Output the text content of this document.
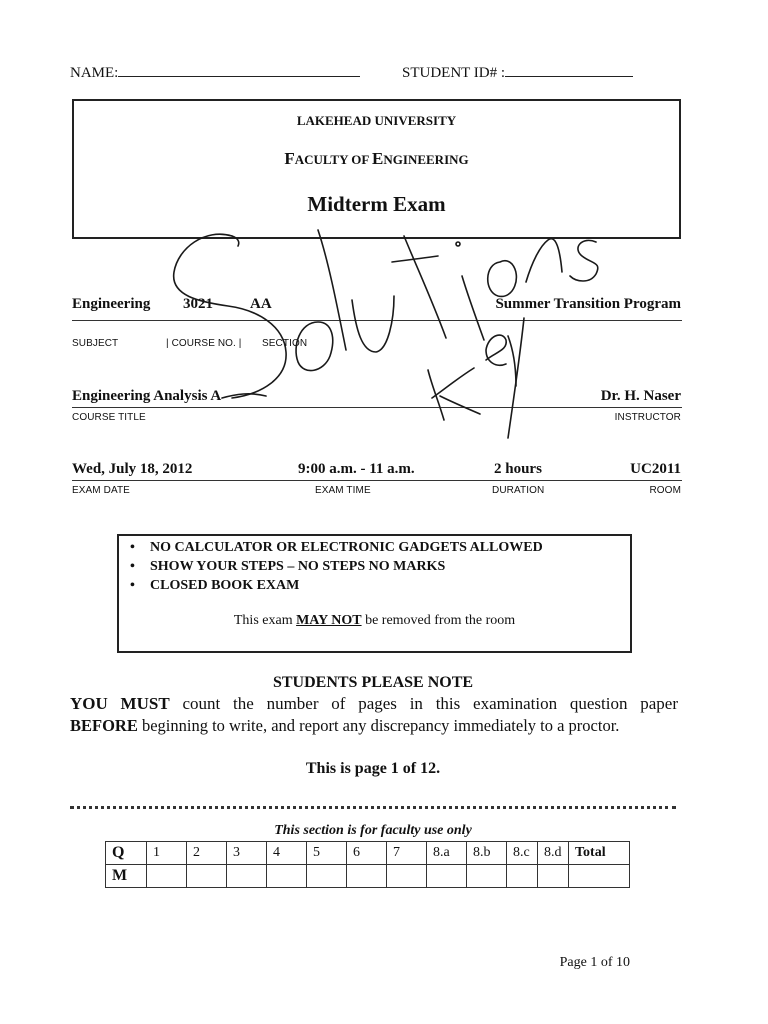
NAME:	STUDENT ID# :
LAKEHEAD UNIVERSITY
FACULTY OF ENGINEERING
Midterm Exam
Engineering 3021 AA	Summer Transition Program
SUBJECT	| COURSE NO. | SECTION
Engineering Analysis A	Dr. H. Naser
COURSE TITLE	INSTRUCTOR
Wed, July 18, 2012	9:00 a.m. - 11 a.m.	2 hours	UC2011
EXAM DATE	EXAM TIME	DURATION	ROOM
• NO CALCULATOR OR ELECTRONIC GADGETS ALLOWED
• SHOW YOUR STEPS – NO STEPS NO MARKS
• CLOSED BOOK EXAM
This exam MAY NOT be removed from the room
STUDENTS PLEASE NOTE
YOU MUST count the number of pages in this examination question paper
BEFORE beginning to write, and report any discrepancy immediately to a proctor.
This is page 1 of 12.
This section is for faculty use only
Q	1	2	3	4	5	6	7	8.a	8.b	8.c	8.d	Total
M												
Page 1 of 10
